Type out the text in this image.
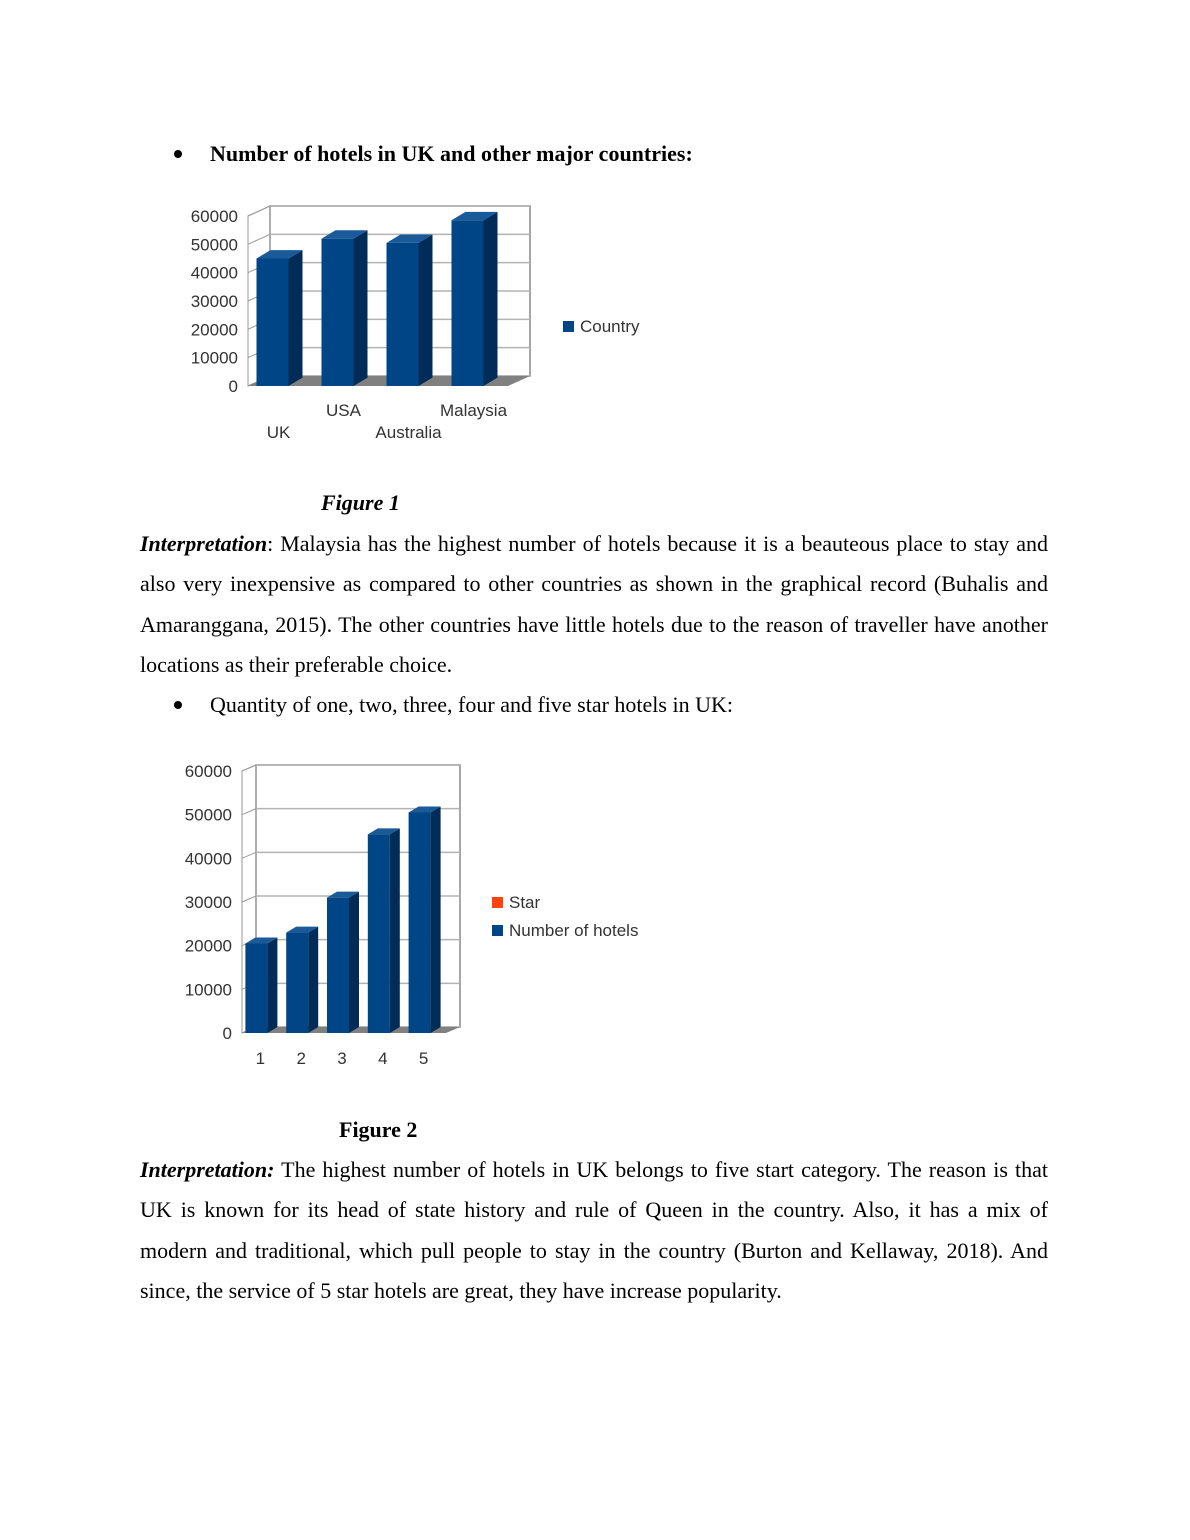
Number of hotels in UK and other major countries:
60000
50000
40000
30000
20000
10000
0
UK
USA
Australia
Malaysia
Country
Figure 1
Interpretation: Malaysia has the highest number of hotels because it is a beauteous place to stay and also very inexpensive as compared to other countries as shown in the graphical record (Buhalis and Amaranggana, 2015). The other countries have little hotels due to the reason of traveller have another locations as their preferable choice.
Quantity of one, two, three, four and five star hotels in UK:
60000
50000
40000
30000
20000
10000
0
1 2 3 4 5
Star
Number of hotels
Figure 2
Interpretation: The highest number of hotels in UK belongs to five start category. The reason is that UK is known for its head of state history and rule of Queen in the country. Also, it has a mix of modern and traditional, which pull people to stay in the country (Burton and Kellaway, 2018). And since, the service of 5 star hotels are great, they have increase popularity.
